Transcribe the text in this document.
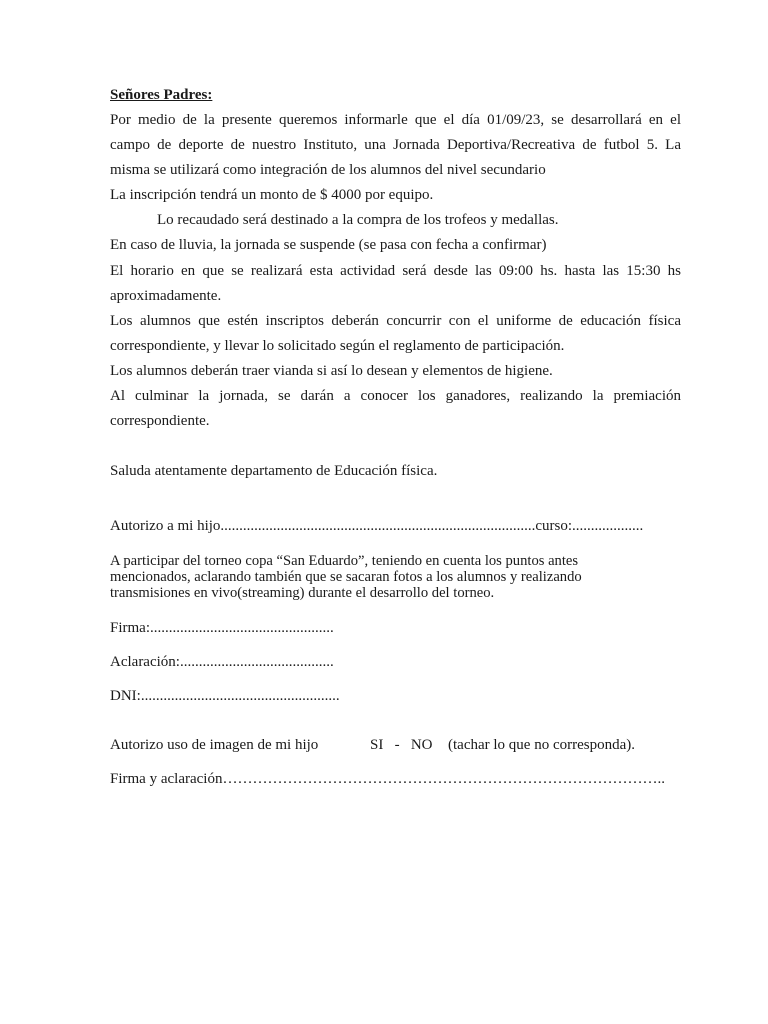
Señores Padres:
Por medio de la presente queremos informarle que el día 01/09/23, se desarrollará en el
campo de deporte de nuestro Instituto, una Jornada Deportiva/Recreativa de futbol 5. La
misma se utilizará como integración de los alumnos del nivel secundario
La inscripción tendrá un monto de $ 4000 por equipo.
Lo recaudado será destinado a la compra de los trofeos y medallas.
En caso de lluvia, la jornada se suspende (se pasa con fecha a confirmar)
El horario en que se realizará esta actividad será desde las 09:00 hs. hasta las 15:30 hs
aproximadamente.
Los alumnos que estén inscriptos deberán concurrir con el uniforme de educación física
correspondiente, y llevar lo solicitado según el reglamento de participación.
Los alumnos deberán traer vianda si así lo desean y elementos de higiene.
Al culminar la jornada, se darán a conocer los ganadores, realizando la premiación
correspondiente.
Saluda atentamente departamento de Educación física.
Autorizo a mi hijo....................................................................................curso:...................
A participar del torneo copa “San Eduardo”, teniendo en cuenta los puntos antes
mencionados, aclarando también que se sacaran fotos a los alumnos y realizando
transmisiones en vivo(streaming) durante el desarrollo del torneo.
Firma:.................................................
Aclaración:.........................................
DNI:.....................................................
Autorizo uso de imagen de mi hijo	SI   -   NO (tachar lo que no corresponda).
Firma y aclaración……………………………………………………………………………..
